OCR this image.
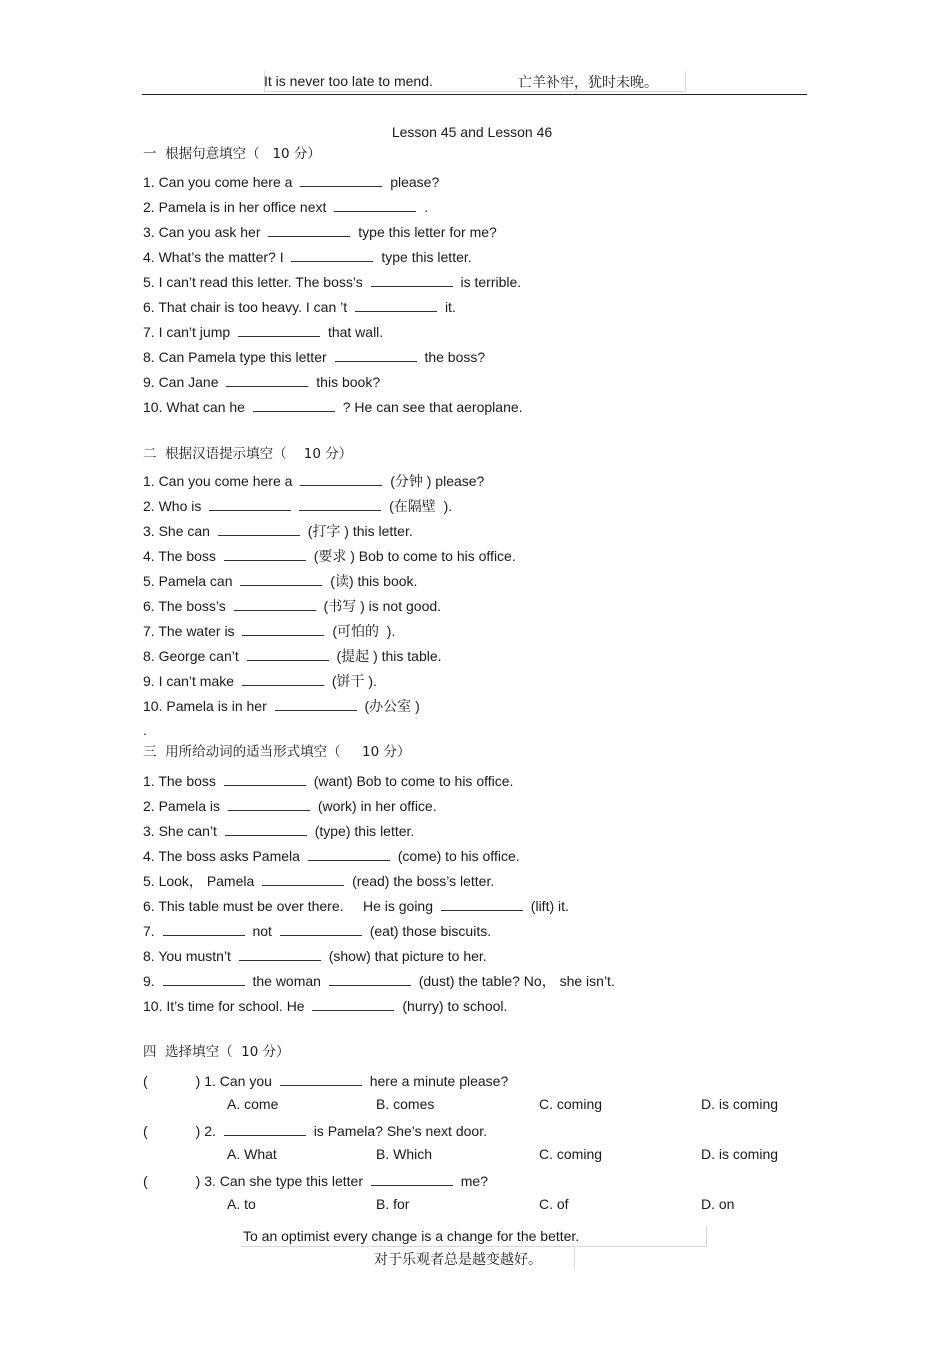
It is never too late to mend.	亡羊补牢，犹时未晚。
Lesson 45 and Lesson 46
一  根据句意填空（   10 分）
1. Can you come here a	please?
2. Pamela is in her office next	.
3. Can you ask her	type this letter for me?
4. What’s the matter? I	type this letter.
5. I can’t read this letter. The boss’s	is terrible.
6. That chair is too heavy. I can ’t	it.
7. I can’t jump	that wall.
8. Can Pamela type this letter	the boss?
9. Can Jane	this book?
10. What can he	? He can see that aeroplane.
二  根据汉语提示填空（    10 分）
1. Can you come here a	(分钟 ) please?
2. Who is	(在隔壁  ).
3. She can	(打字 ) this letter.
4. The boss	(要求 ) Bob to come to his office.
5. Pamela can	(读) this book.
6. The boss’s	(书写 ) is not good.
7. The water is	(可怕的  ).
8. George can’t	(提起 ) this table.
9. I can’t make	(饼干 ).
10. Pamela is in her	(办公室 )
.
三  用所给动词的适当形式填空（     10 分）
1. The boss	(want) Bob to come to his office.
2. Pamela is	(work) in her office.
3. She can’t	(type) this letter.
4. The boss asks Pamela	(come) to his office.
5. Look， Pamela	(read) the boss’s letter.
6. This table must be over there.     He is going	(lift) it.
7.	not	(eat) those biscuits.
8. You mustn’t	(show) that picture to her.
9.	the woman	(dust) the table? No， she isn’t.
10. It’s time for school. He	(hurry) to school.
四  选择填空（  10 分）
(	) 1. Can you	here a minute please?
A. come	B. comes	C. coming	D. is coming
(	) 2.	is Pamela? She’s next door.
A. What	B. Which	C. coming	D. is coming
(	) 3. Can she type this letter	me?
A. to	B. for	C. of	D. on
To an optimist every change is a change for the better.
对于乐观者总是越变越好。
